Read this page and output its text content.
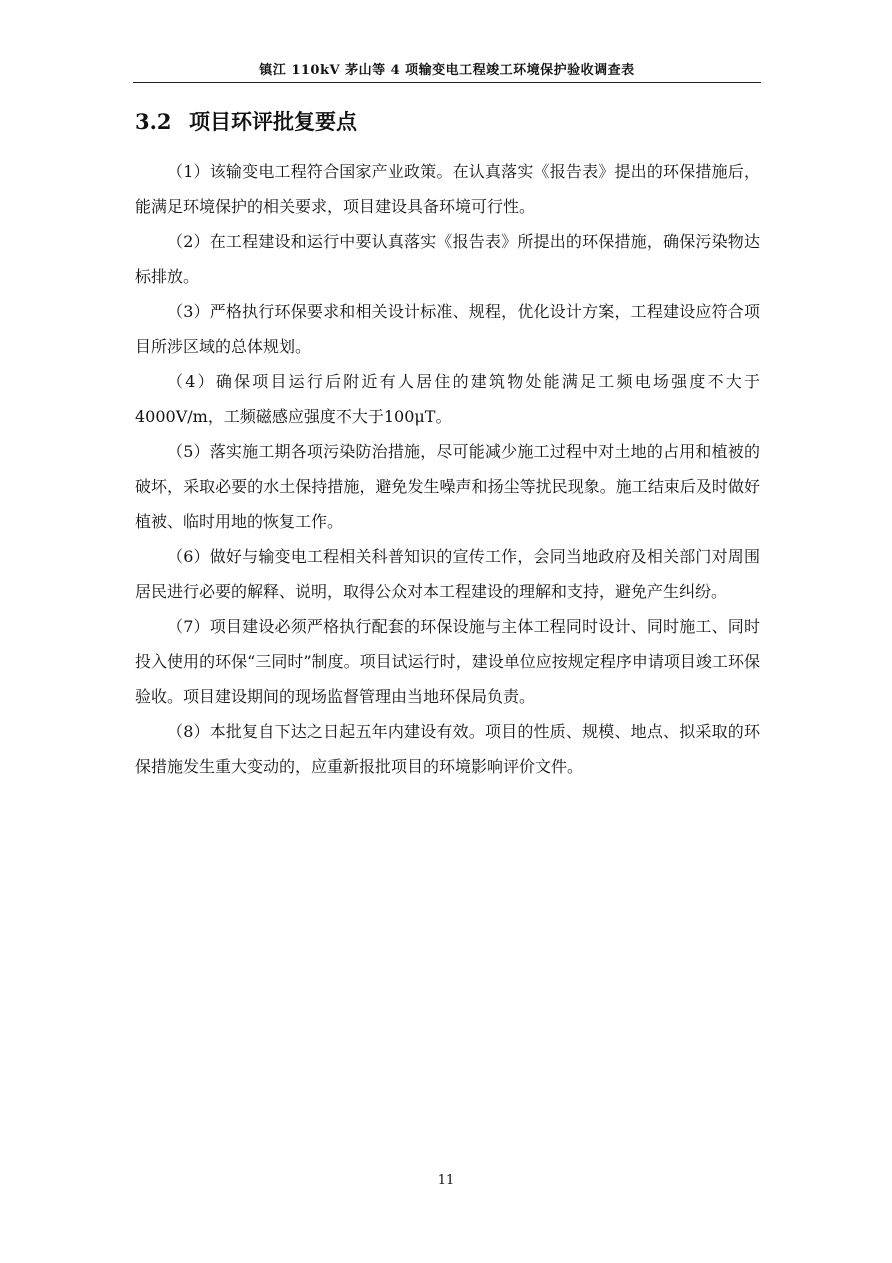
镇江 110kV 茅山等 4 项输变电工程竣工环境保护验收调查表
3.2 项目环评批复要点

（1）该输变电工程符合国家产业政策。在认真落实《报告表》提出的环保措施后，能满足环境保护的相关要求，项目建设具备环境可行性。

（2）在工程建设和运行中要认真落实《报告表》所提出的环保措施，确保污染物达标排放。

（3）严格执行环保要求和相关设计标准、规程，优化设计方案，工程建设应符合项目所涉区域的总体规划。

（4）确保项目运行后附近有人居住的建筑物处能满足工频电场强度不大于4000V/m，工频磁感应强度不大于100μT。

（5）落实施工期各项污染防治措施，尽可能减少施工过程中对土地的占用和植被的破坏，采取必要的水土保持措施，避免发生噪声和扬尘等扰民现象。施工结束后及时做好植被、临时用地的恢复工作。

（6）做好与输变电工程相关科普知识的宣传工作，会同当地政府及相关部门对周围居民进行必要的解释、说明，取得公众对本工程建设的理解和支持，避免产生纠纷。

（7）项目建设必须严格执行配套的环保设施与主体工程同时设计、同时施工、同时投入使用的环保“三同时”制度。项目试运行时，建设单位应按规定程序申请项目竣工环保验收。项目建设期间的现场监督管理由当地环保局负责。

（8）本批复自下达之日起五年内建设有效。项目的性质、规模、地点、拟采取的环保措施发生重大变动的，应重新报批项目的环境影响评价文件。

11
